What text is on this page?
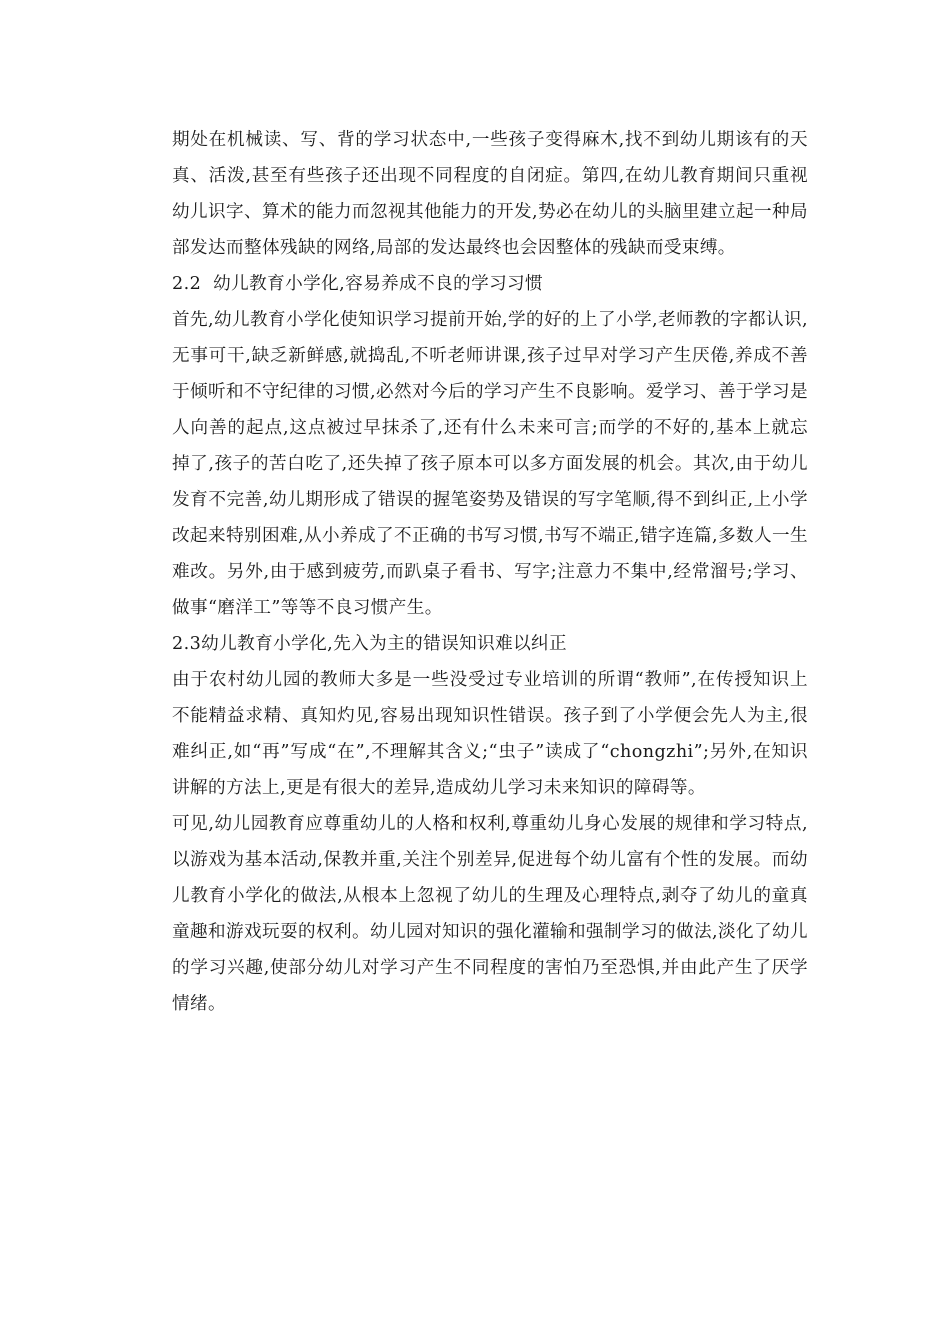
期处在机械读、写、背的学习状态中,一些孩子变得麻木,找不到幼儿期该有的天真、活泼,甚至有些孩子还出现不同程度的自闭症。第四,在幼儿教育期间只重视幼儿识字、算术的能力而忽视其他能力的开发,势必在幼儿的头脑里建立起一种局部发达而整体残缺的网络,局部的发达最终也会因整体的残缺而受束缚。

2.2  幼儿教育小学化,容易养成不良的学习习惯

首先,幼儿教育小学化使知识学习提前开始,学的好的上了小学,老师教的字都认识,无事可干,缺乏新鲜感,就捣乱,不听老师讲课,孩子过早对学习产生厌倦,养成不善于倾听和不守纪律的习惯,必然对今后的学习产生不良影响。爱学习、善于学习是人向善的起点,这点被过早抹杀了,还有什么未来可言;而学的不好的,基本上就忘掉了,孩子的苦白吃了,还失掉了孩子原本可以多方面发展的机会。其次,由于幼儿发育不完善,幼儿期形成了错误的握笔姿势及错误的写字笔顺,得不到纠正,上小学改起来特别困难,从小养成了不正确的书写习惯,书写不端正,错字连篇,多数人一生难改。另外,由于感到疲劳,而趴桌子看书、写字;注意力不集中,经常溜号;学习、做事“磨洋工”等等不良习惯产生。

2.3幼儿教育小学化,先入为主的错误知识难以纠正

由于农村幼儿园的教师大多是一些没受过专业培训的所谓“教师”,在传授知识上不能精益求精、真知灼见,容易出现知识性错误。孩子到了小学便会先人为主,很难纠正,如“再”写成“在”,不理解其含义;“虫子”读成了“chongzhi”;另外,在知识讲解的方法上,更是有很大的差异,造成幼儿学习未来知识的障碍等。

可见,幼儿园教育应尊重幼儿的人格和权利,尊重幼儿身心发展的规律和学习特点,以游戏为基本活动,保教并重,关注个别差异,促进每个幼儿富有个性的发展。而幼儿教育小学化的做法,从根本上忽视了幼儿的生理及心理特点,剥夺了幼儿的童真童趣和游戏玩耍的权利。幼儿园对知识的强化灌输和强制学习的做法,淡化了幼儿的学习兴趣,使部分幼儿对学习产生不同程度的害怕乃至恐惧,并由此产生了厌学情绪。
